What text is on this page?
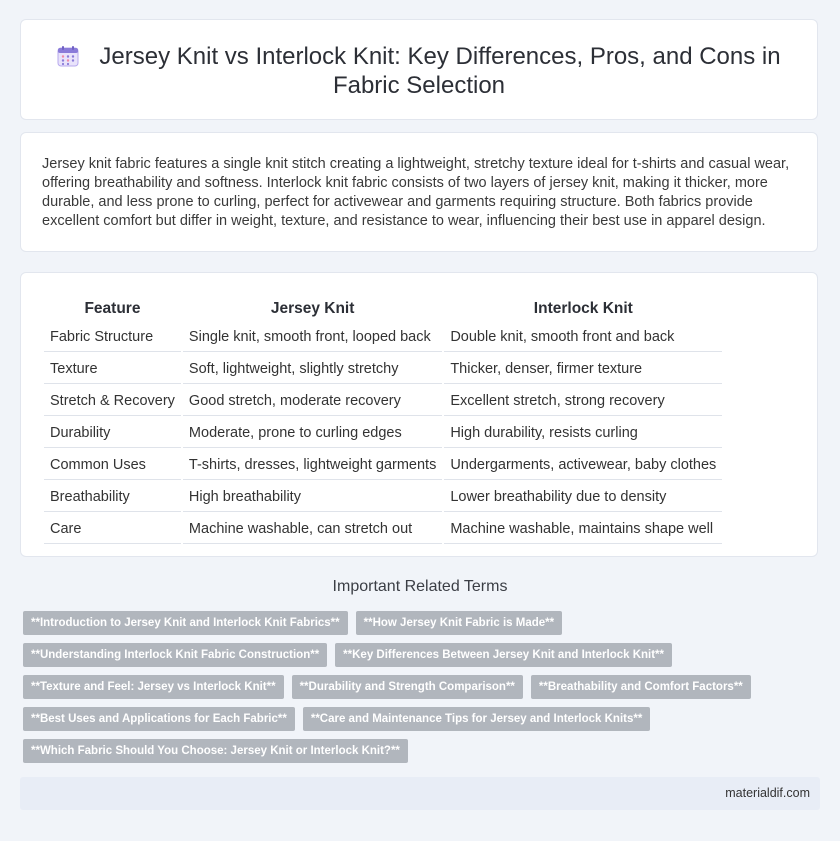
Jersey Knit vs Interlock Knit: Key Differences, Pros, and Cons in Fabric Selection

Jersey knit fabric features a single knit stitch creating a lightweight, stretchy texture ideal for t-shirts and casual wear, offering breathability and softness. Interlock knit fabric consists of two layers of jersey knit, making it thicker, more durable, and less prone to curling, perfect for activewear and garments requiring structure. Both fabrics provide excellent comfort but differ in weight, texture, and resistance to wear, influencing their best use in apparel design.

Feature	Jersey Knit	Interlock Knit
Fabric Structure	Single knit, smooth front, looped back	Double knit, smooth front and back
Texture	Soft, lightweight, slightly stretchy	Thicker, denser, firmer texture
Stretch & Recovery	Good stretch, moderate recovery	Excellent stretch, strong recovery
Durability	Moderate, prone to curling edges	High durability, resists curling
Common Uses	T-shirts, dresses, lightweight garments	Undergarments, activewear, baby clothes
Breathability	High breathability	Lower breathability due to density
Care	Machine washable, can stretch out	Machine washable, maintains shape well
Important Related Terms
**Introduction to Jersey Knit and Interlock Knit Fabrics**	**How Jersey Knit Fabric is Made**
**Understanding Interlock Knit Fabric Construction**	**Key Differences Between Jersey Knit and Interlock Knit**
**Texture and Feel: Jersey vs Interlock Knit**	**Durability and Strength Comparison**	**Breathability and Comfort Factors**
**Best Uses and Applications for Each Fabric**	**Care and Maintenance Tips for Jersey and Interlock Knits**
**Which Fabric Should You Choose: Jersey Knit or Interlock Knit?**
materialdif.com
